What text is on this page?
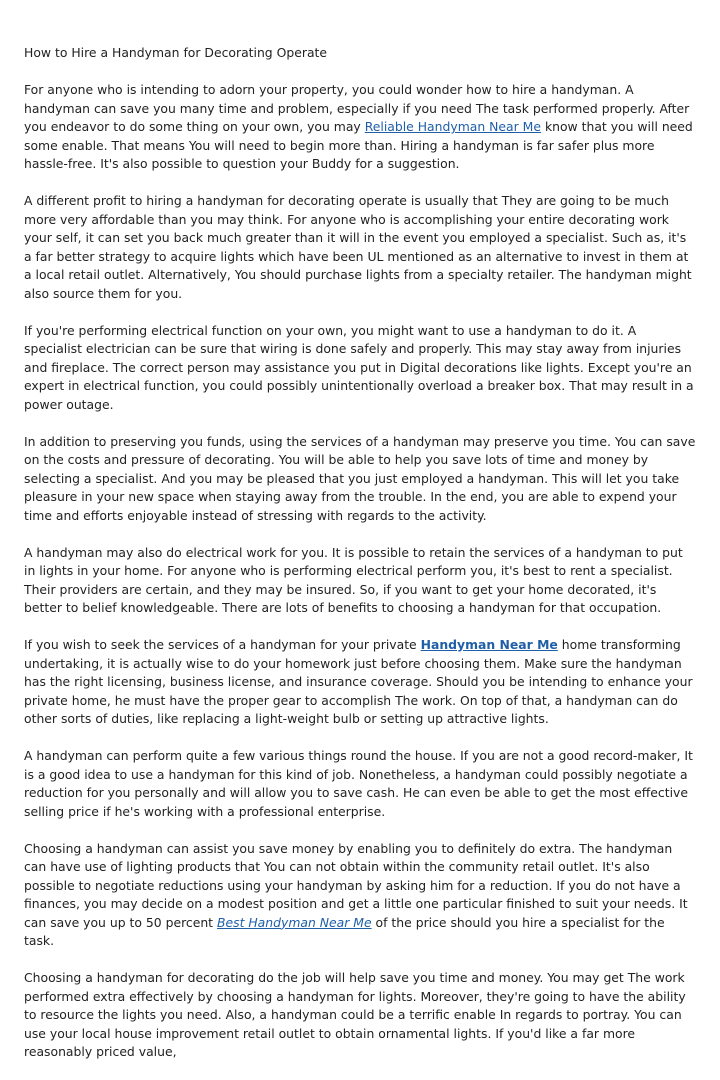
How to Hire a Handyman for Decorating Operate

For anyone who is intending to adorn your property, you could wonder how to hire a handyman. A handyman can save you many time and problem, especially if you need The task performed properly. After you endeavor to do some thing on your own, you may Reliable Handyman Near Me know that you will need some enable. That means You will need to begin more than. Hiring a handyman is far safer plus more hassle-free. It's also possible to question your Buddy for a suggestion.

A different profit to hiring a handyman for decorating operate is usually that They are going to be much more very affordable than you may think. For anyone who is accomplishing your entire decorating work your self, it can set you back much greater than it will in the event you employed a specialist. Such as, it's a far better strategy to acquire lights which have been UL mentioned as an alternative to invest in them at a local retail outlet. Alternatively, You should purchase lights from a specialty retailer. The handyman might also source them for you.

If you're performing electrical function on your own, you might want to use a handyman to do it. A specialist electrician can be sure that wiring is done safely and properly. This may stay away from injuries and fireplace. The correct person may assistance you put in Digital decorations like lights. Except you're an expert in electrical function, you could possibly unintentionally overload a breaker box. That may result in a power outage.

In addition to preserving you funds, using the services of a handyman may preserve you time. You can save on the costs and pressure of decorating. You will be able to help you save lots of time and money by selecting a specialist. And you may be pleased that you just employed a handyman. This will let you take pleasure in your new space when staying away from the trouble. In the end, you are able to expend your time and efforts enjoyable instead of stressing with regards to the activity.

A handyman may also do electrical work for you. It is possible to retain the services of a handyman to put in lights in your home. For anyone who is performing electrical perform you, it's best to rent a specialist. Their providers are certain, and they may be insured. So, if you want to get your home decorated, it's better to belief knowledgeable. There are lots of benefits to choosing a handyman for that occupation.

If you wish to seek the services of a handyman for your private Handyman Near Me home transforming undertaking, it is actually wise to do your homework just before choosing them. Make sure the handyman has the right licensing, business license, and insurance coverage. Should you be intending to enhance your private home, he must have the proper gear to accomplish The work. On top of that, a handyman can do other sorts of duties, like replacing a light-weight bulb or setting up attractive lights.

A handyman can perform quite a few various things round the house. If you are not a good record-maker, It is a good idea to use a handyman for this kind of job. Nonetheless, a handyman could possibly negotiate a reduction for you personally and will allow you to save cash. He can even be able to get the most effective selling price if he's working with a professional enterprise.

Choosing a handyman can assist you save money by enabling you to definitely do extra. The handyman can have use of lighting products that You can not obtain within the community retail outlet. It's also possible to negotiate reductions using your handyman by asking him for a reduction. If you do not have a finances, you may decide on a modest position and get a little one particular finished to suit your needs. It can save you up to 50 percent Best Handyman Near Me of the price should you hire a specialist for the task.

Choosing a handyman for decorating do the job will help save you time and money. You may get The work performed extra effectively by choosing a handyman for lights. Moreover, they're going to have the ability to resource the lights you need. Also, a handyman could be a terrific enable In regards to portray. You can use your local house improvement retail outlet to obtain ornamental lights. If you'd like a far more reasonably priced value,
